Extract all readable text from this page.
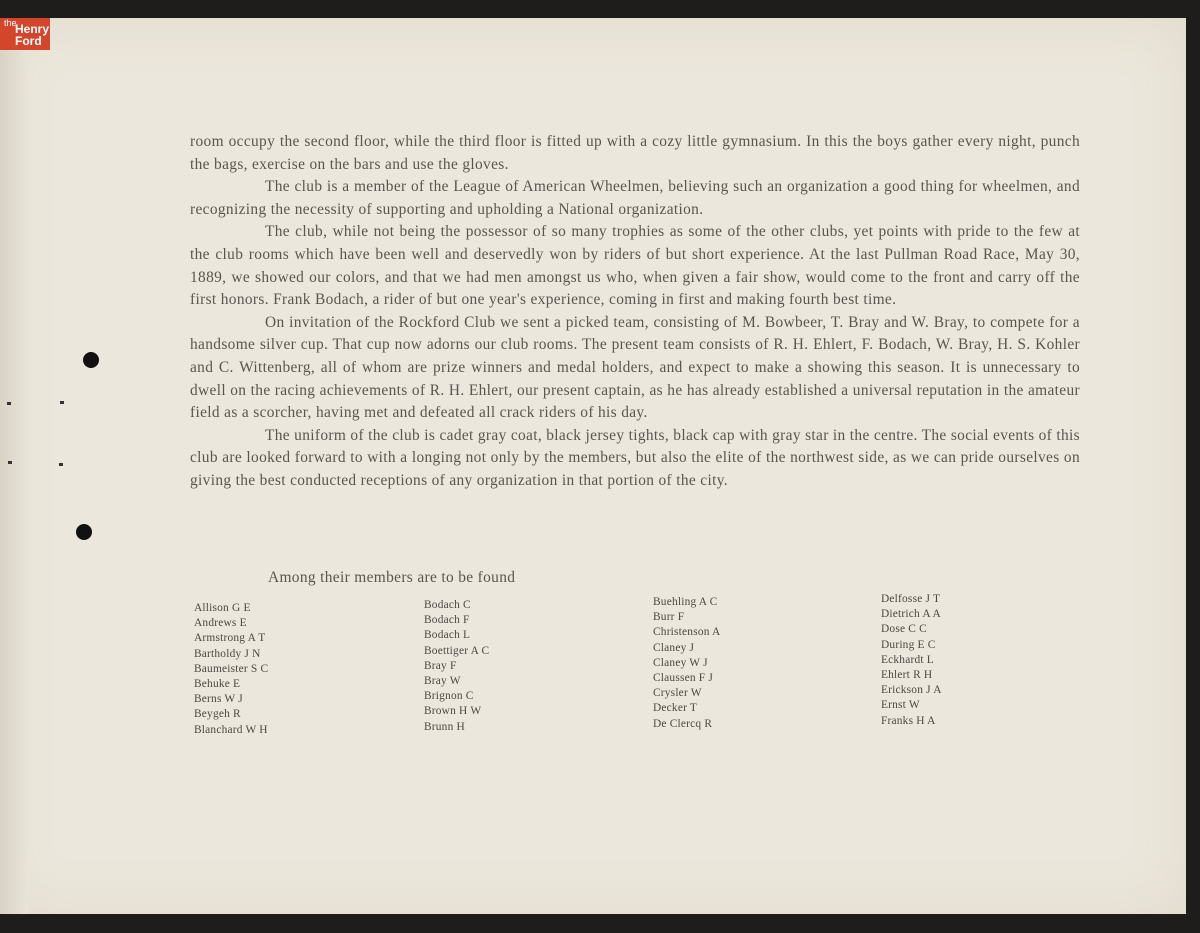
the
Henry
Ford

room occupy the second floor, while the third floor is fitted up with a cozy little gymnasium. In this the boys gather every night, punch the bags, exercise on the bars and use the gloves.

The club is a member of the League of American Wheelmen, believing such an organization a good thing for wheelmen, and recognizing the necessity of supporting and upholding a National organization.

The club, while not being the possessor of so many trophies as some of the other clubs, yet points with pride to the few at the club rooms which have been well and deservedly won by riders of but short experience. At the last Pullman Road Race, May 30, 1889, we showed our colors, and that we had men amongst us who, when given a fair show, would come to the front and carry off the first honors. Frank Bodach, a rider of but one year's experience, coming in first and making fourth best time.

On invitation of the Rockford Club we sent a picked team, consisting of M. Bowbeer, T. Bray and W. Bray, to compete for a handsome silver cup. That cup now adorns our club rooms. The present team consists of R. H. Ehlert, F. Bodach, W. Bray, H. S. Kohler and C. Wittenberg, all of whom are prize winners and medal holders, and expect to make a showing this season. It is unnecessary to dwell on the racing achievements of R. H. Ehlert, our present captain, as he has already established a universal reputation in the amateur field as a scorcher, having met and defeated all crack riders of his day.

The uniform of the club is cadet gray coat, black jersey tights, black cap with gray star in the centre. The social events of this club are looked forward to with a longing not only by the members, but also the elite of the northwest side, as we can pride ourselves on giving the best conducted receptions of any organization in that portion of the city.

Among their members are to be found
Allison G E
Andrews E
Armstrong A T
Bartholdy J N
Baumeister S C
Behuke E
Berns W J
Beygeh R
Blanchard W H
Bodach C
Bodach F
Bodach L
Boettiger A C
Bray F
Bray W
Brignon C
Brown H W
Brunn H
Buehling A C
Burr F
Christenson A
Claney J
Claney W J
Claussen F J
Crysler W
Decker T
De Clercq R
Delfosse J T
Dietrich A A
Dose C C
During E C
Eckhardt L
Ehlert R H
Erickson J A
Ernst W
Franks H A
